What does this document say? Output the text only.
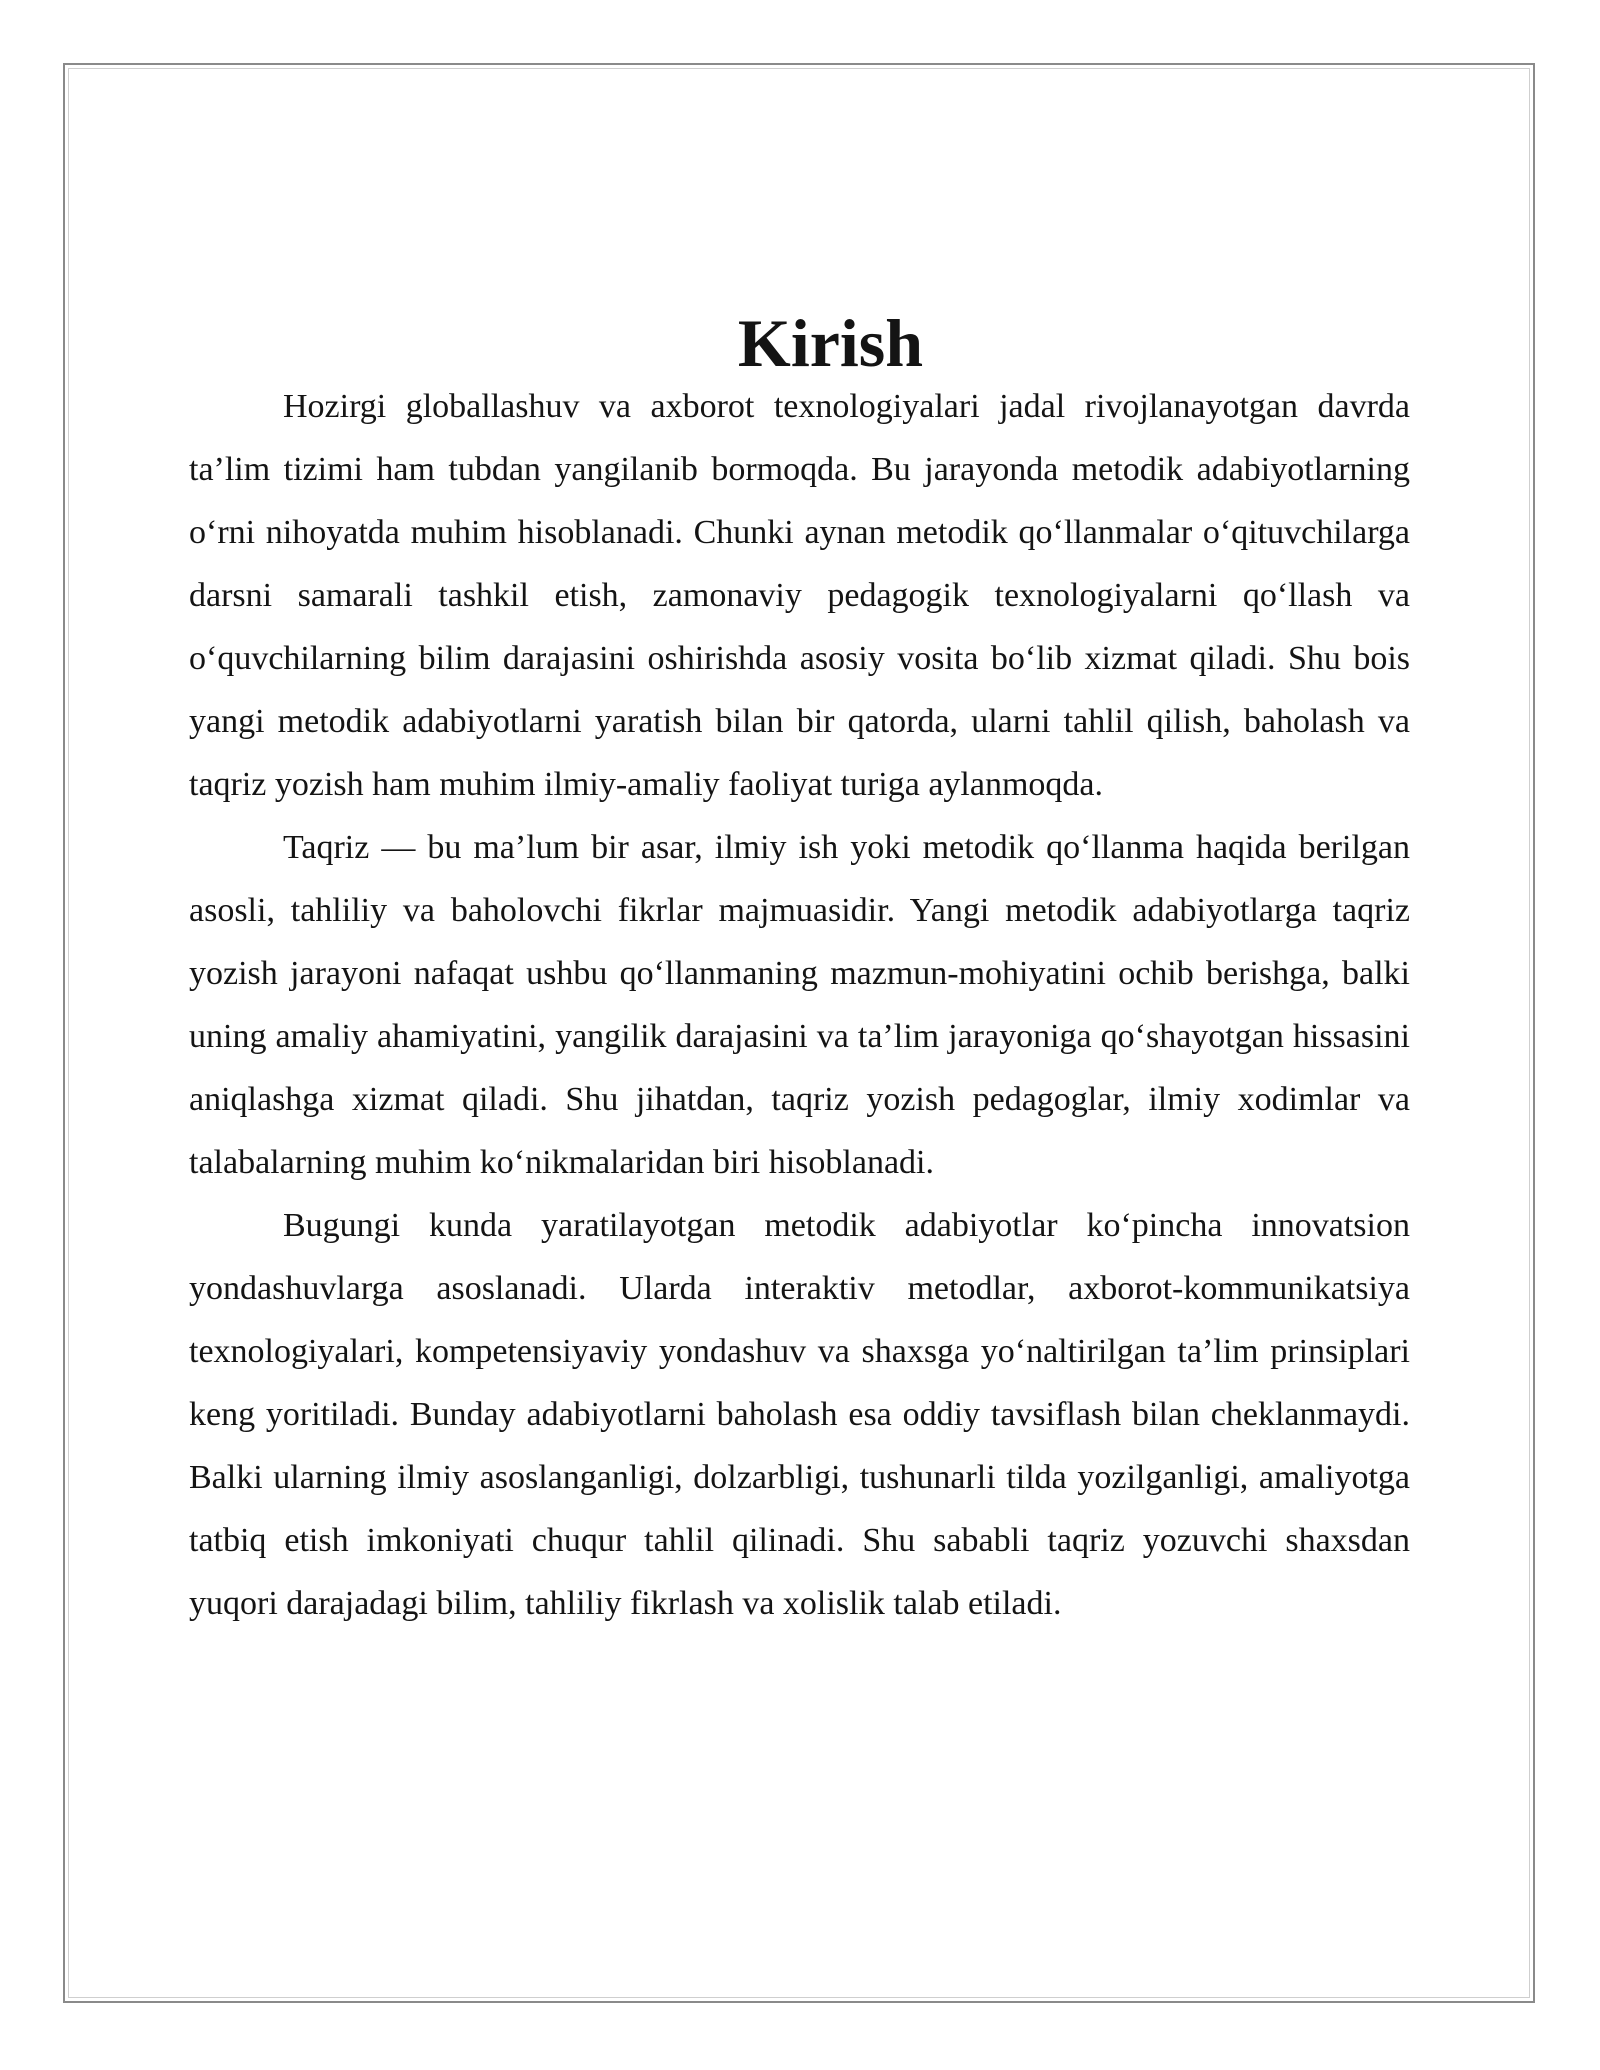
Kirish

Hozirgi globallashuv va axborot texnologiyalari jadal rivojlanayotgan davrda ta’lim tizimi ham tubdan yangilanib bormoqda. Bu jarayonda metodik adabiyotlarning oʻrni nihoyatda muhim hisoblanadi. Chunki aynan metodik qoʻllanmalar oʻqituvchilarga darsni samarali tashkil etish, zamonaviy pedagogik texnologiyalarni qoʻllash va oʻquvchilarning bilim darajasini oshirishda asosiy vosita boʻlib xizmat qiladi. Shu bois yangi metodik adabiyotlarni yaratish bilan bir qatorda, ularni tahlil qilish, baholash va taqriz yozish ham muhim ilmiy-amaliy faoliyat turiga aylanmoqda.

Taqriz — bu ma’lum bir asar, ilmiy ish yoki metodik qoʻllanma haqida berilgan asosli, tahliliy va baholovchi fikrlar majmuasidir. Yangi metodik adabiyotlarga taqriz yozish jarayoni nafaqat ushbu qoʻllanmaning mazmun-mohiyatini ochib berishga, balki uning amaliy ahamiyatini, yangilik darajasini va ta’lim jarayoniga qoʻshayotgan hissasini aniqlashga xizmat qiladi. Shu jihatdan, taqriz yozish pedagoglar, ilmiy xodimlar va talabalarning muhim koʻnikmalaridan biri hisoblanadi.

Bugungi kunda yaratilayotgan metodik adabiyotlar koʻpincha innovatsion yondashuvlarga asoslanadi. Ularda interaktiv metodlar, axborot-kommunikatsiya texnologiyalari, kompetensiyaviy yondashuv va shaxsga yoʻnaltirilgan ta’lim prinsiplari keng yoritiladi. Bunday adabiyotlarni baholash esa oddiy tavsiflash bilan cheklanmaydi. Balki ularning ilmiy asoslanganligi, dolzarbligi, tushunarli tilda yozilganligi, amaliyotga tatbiq etish imkoniyati chuqur tahlil qilinadi. Shu sababli taqriz yozuvchi shaxsdan yuqori darajadagi bilim, tahliliy fikrlash va xolislik talab etiladi.
